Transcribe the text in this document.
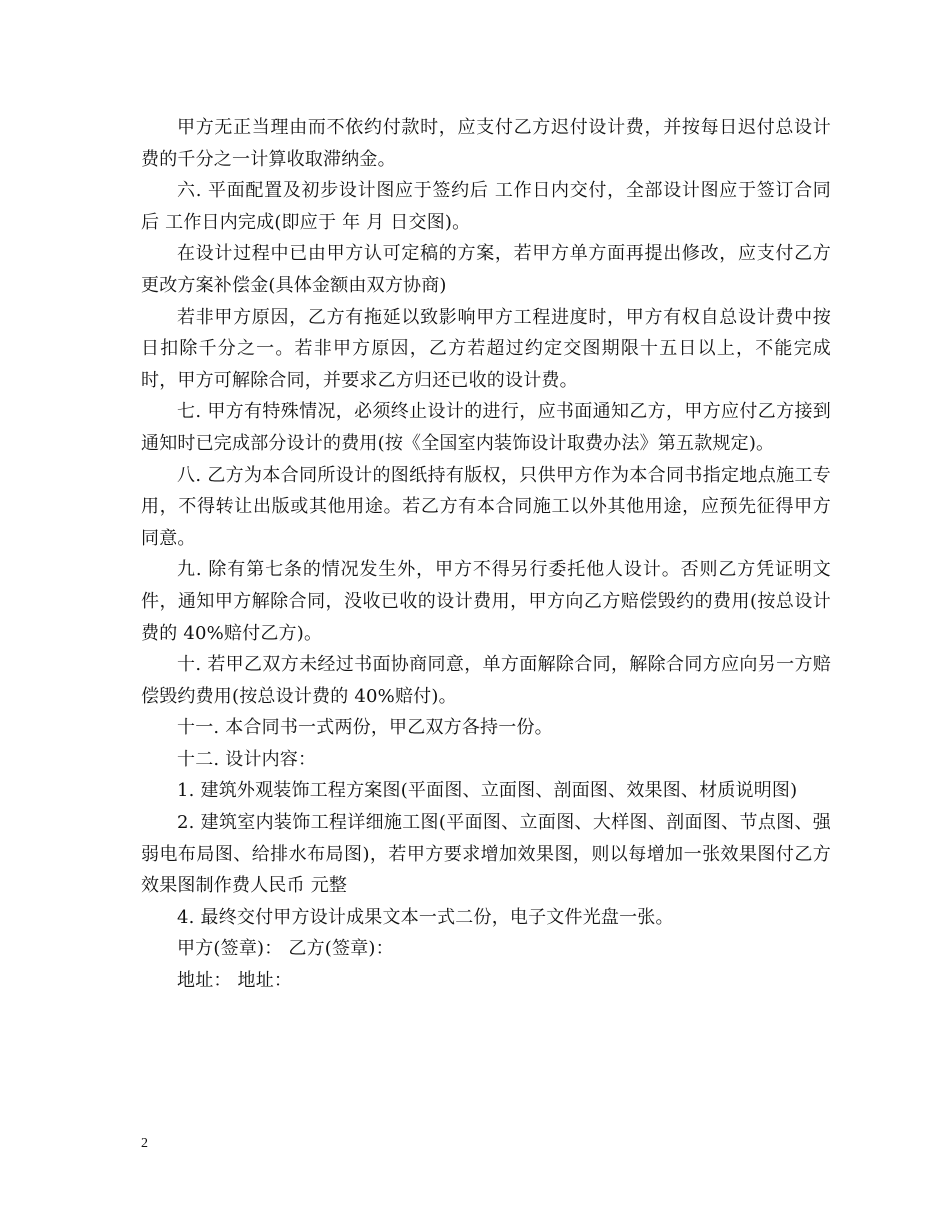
甲方无正当理由而不依约付款时，应支付乙方迟付设计费，并按每日迟付总设计费的千分之一计算收取滞纳金。

六. 平面配置及初步设计图应于签约后 工作日内交付，全部设计图应于签订合同后 工作日内完成(即应于 年 月 日交图)。

在设计过程中已由甲方认可定稿的方案，若甲方单方面再提出修改，应支付乙方更改方案补偿金(具体金额由双方协商)

若非甲方原因，乙方有拖延以致影响甲方工程进度时，甲方有权自总设计费中按日扣除千分之一。若非甲方原因，乙方若超过约定交图期限十五日以上，不能完成时，甲方可解除合同，并要求乙方归还已收的设计费。

七. 甲方有特殊情况，必须终止设计的进行，应书面通知乙方，甲方应付乙方接到通知时已完成部分设计的费用(按《全国室内装饰设计取费办法》第五款规定)。

八. 乙方为本合同所设计的图纸持有版权，只供甲方作为本合同书指定地点施工专用，不得转让出版或其他用途。若乙方有本合同施工以外其他用途，应预先征得甲方同意。

九. 除有第七条的情况发生外，甲方不得另行委托他人设计。否则乙方凭证明文件，通知甲方解除合同，没收已收的设计费用，甲方向乙方赔偿毁约的费用(按总设计费的 40%赔付乙方)。

十. 若甲乙双方未经过书面协商同意，单方面解除合同，解除合同方应向另一方赔偿毁约费用(按总设计费的 40%赔付)。

十一. 本合同书一式两份，甲乙双方各持一份。

十二. 设计内容：

1. 建筑外观装饰工程方案图(平面图、立面图、剖面图、效果图、材质说明图)

2. 建筑室内装饰工程详细施工图(平面图、立面图、大样图、剖面图、节点图、强弱电布局图、给排水布局图)，若甲方要求增加效果图，则以每增加一张效果图付乙方效果图制作费人民币 元整

4. 最终交付甲方设计成果文本一式二份，电子文件光盘一张。

甲方(签章)： 乙方(签章)：

地址： 地址：

2
